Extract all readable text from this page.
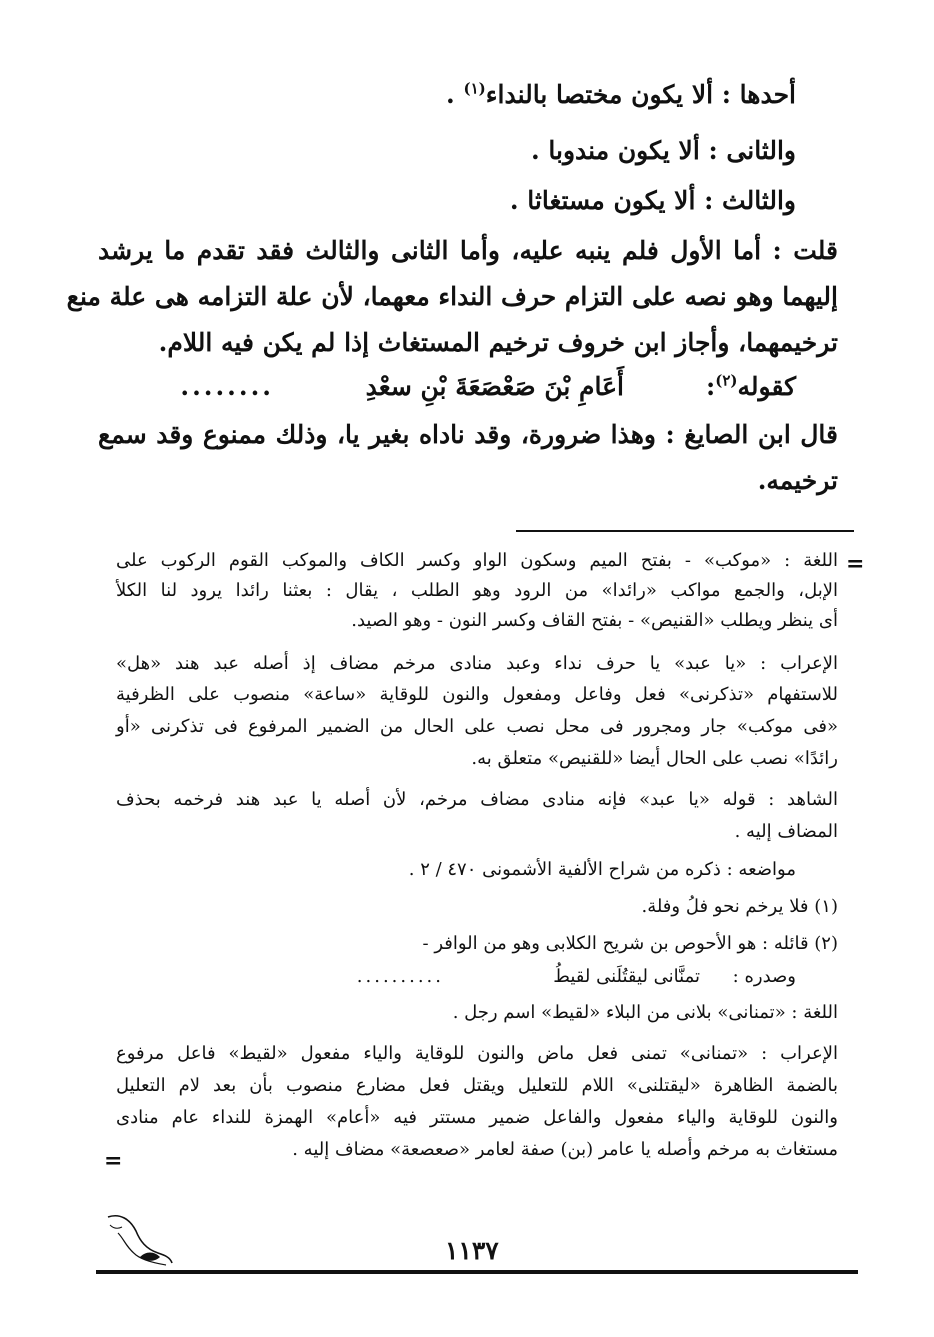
أحدها : ألا يكون مختصا بالنداء$^{(١)}$ .
والثانى : ألا يكون مندوبا .
والثالث : ألا يكون مستغاثا .
قلت : أما الأول فلم ينبه عليه، وأما الثانى والثالث فقد تقدم ما يرشد
إليهما وهو نصه على التزام حرف النداء معهما، لأن علة التزامه هى علة منع
ترخيمهما، وأجاز ابن خروف ترخيم المستغاث إذا لم يكن فيه اللام.
كقوله$^{(٢)}$:
أَعَامِ بْنَ صَعْصَعَةَ بْنِ سعْدِ
........
قال ابن الصايغ : وهذا ضرورة، وقد ناداه بغير يا، وذلك ممنوع وقد سمع
ترخيمه.
=
اللغة : «موكب» - بفتح الميم وسكون الواو وكسر الكاف والموكب القوم الركوب على
الإبل، والجمع مواكب «رائدا» من الرود وهو الطلب ، يقال : بعثنا رائدا يرود لنا الكلأ
أى ينظر ويطلب «القنيص» - بفتح القاف وكسر النون - وهو الصيد.
الإعراب : «يا عبد» يا حرف نداء وعبد منادى مرخم مضاف إذ أصله عبد هند «هل»
للاستفهام «تذكرنى» فعل وفاعل ومفعول والنون للوقاية «ساعة» منصوب على الظرفية
«فى موكب» جار ومجرور فى محل نصب على الحال من الضمير المرفوع فى تذكرنى «أو
رائدًا» نصب على الحال أيضا «للقنيص» متعلق به.
الشاهد : قوله «يا عبد» فإنه منادى مضاف مرخم، لأن أصله يا عبد هند فرخمه بحذف
المضاف إليه .
مواضعه : ذكره من شراح الألفية الأشمونى ٤٧٠ / ٢ .
(١) فلا يرخم نحو فلُ وفلة.
(٢) قائله : هو الأحوص بن شريح الكلابى وهو من الوافر -
وصدره :
تمنَّانى ليقتُلَنى لقيطُ
..........
اللغة : «تمنانى» بلانى من البلاء «لقيط» اسم رجل .
الإعراب : «تمنانى» تمنى فعل ماض والنون للوقاية والياء مفعول «لقيط» فاعل مرفوع
بالضمة الظاهرة «ليقتلنى» اللام للتعليل ويقتل فعل مضارع منصوب بأن بعد لام التعليل
والنون للوقاية والياء مفعول والفاعل ضمير مستتر فيه «أعام» الهمزة للنداء عام منادى
مستغاث به مرخم وأصله يا عامر (بن) صفة لعامر «صعصعة» مضاف إليه .
=
١١٣٧
